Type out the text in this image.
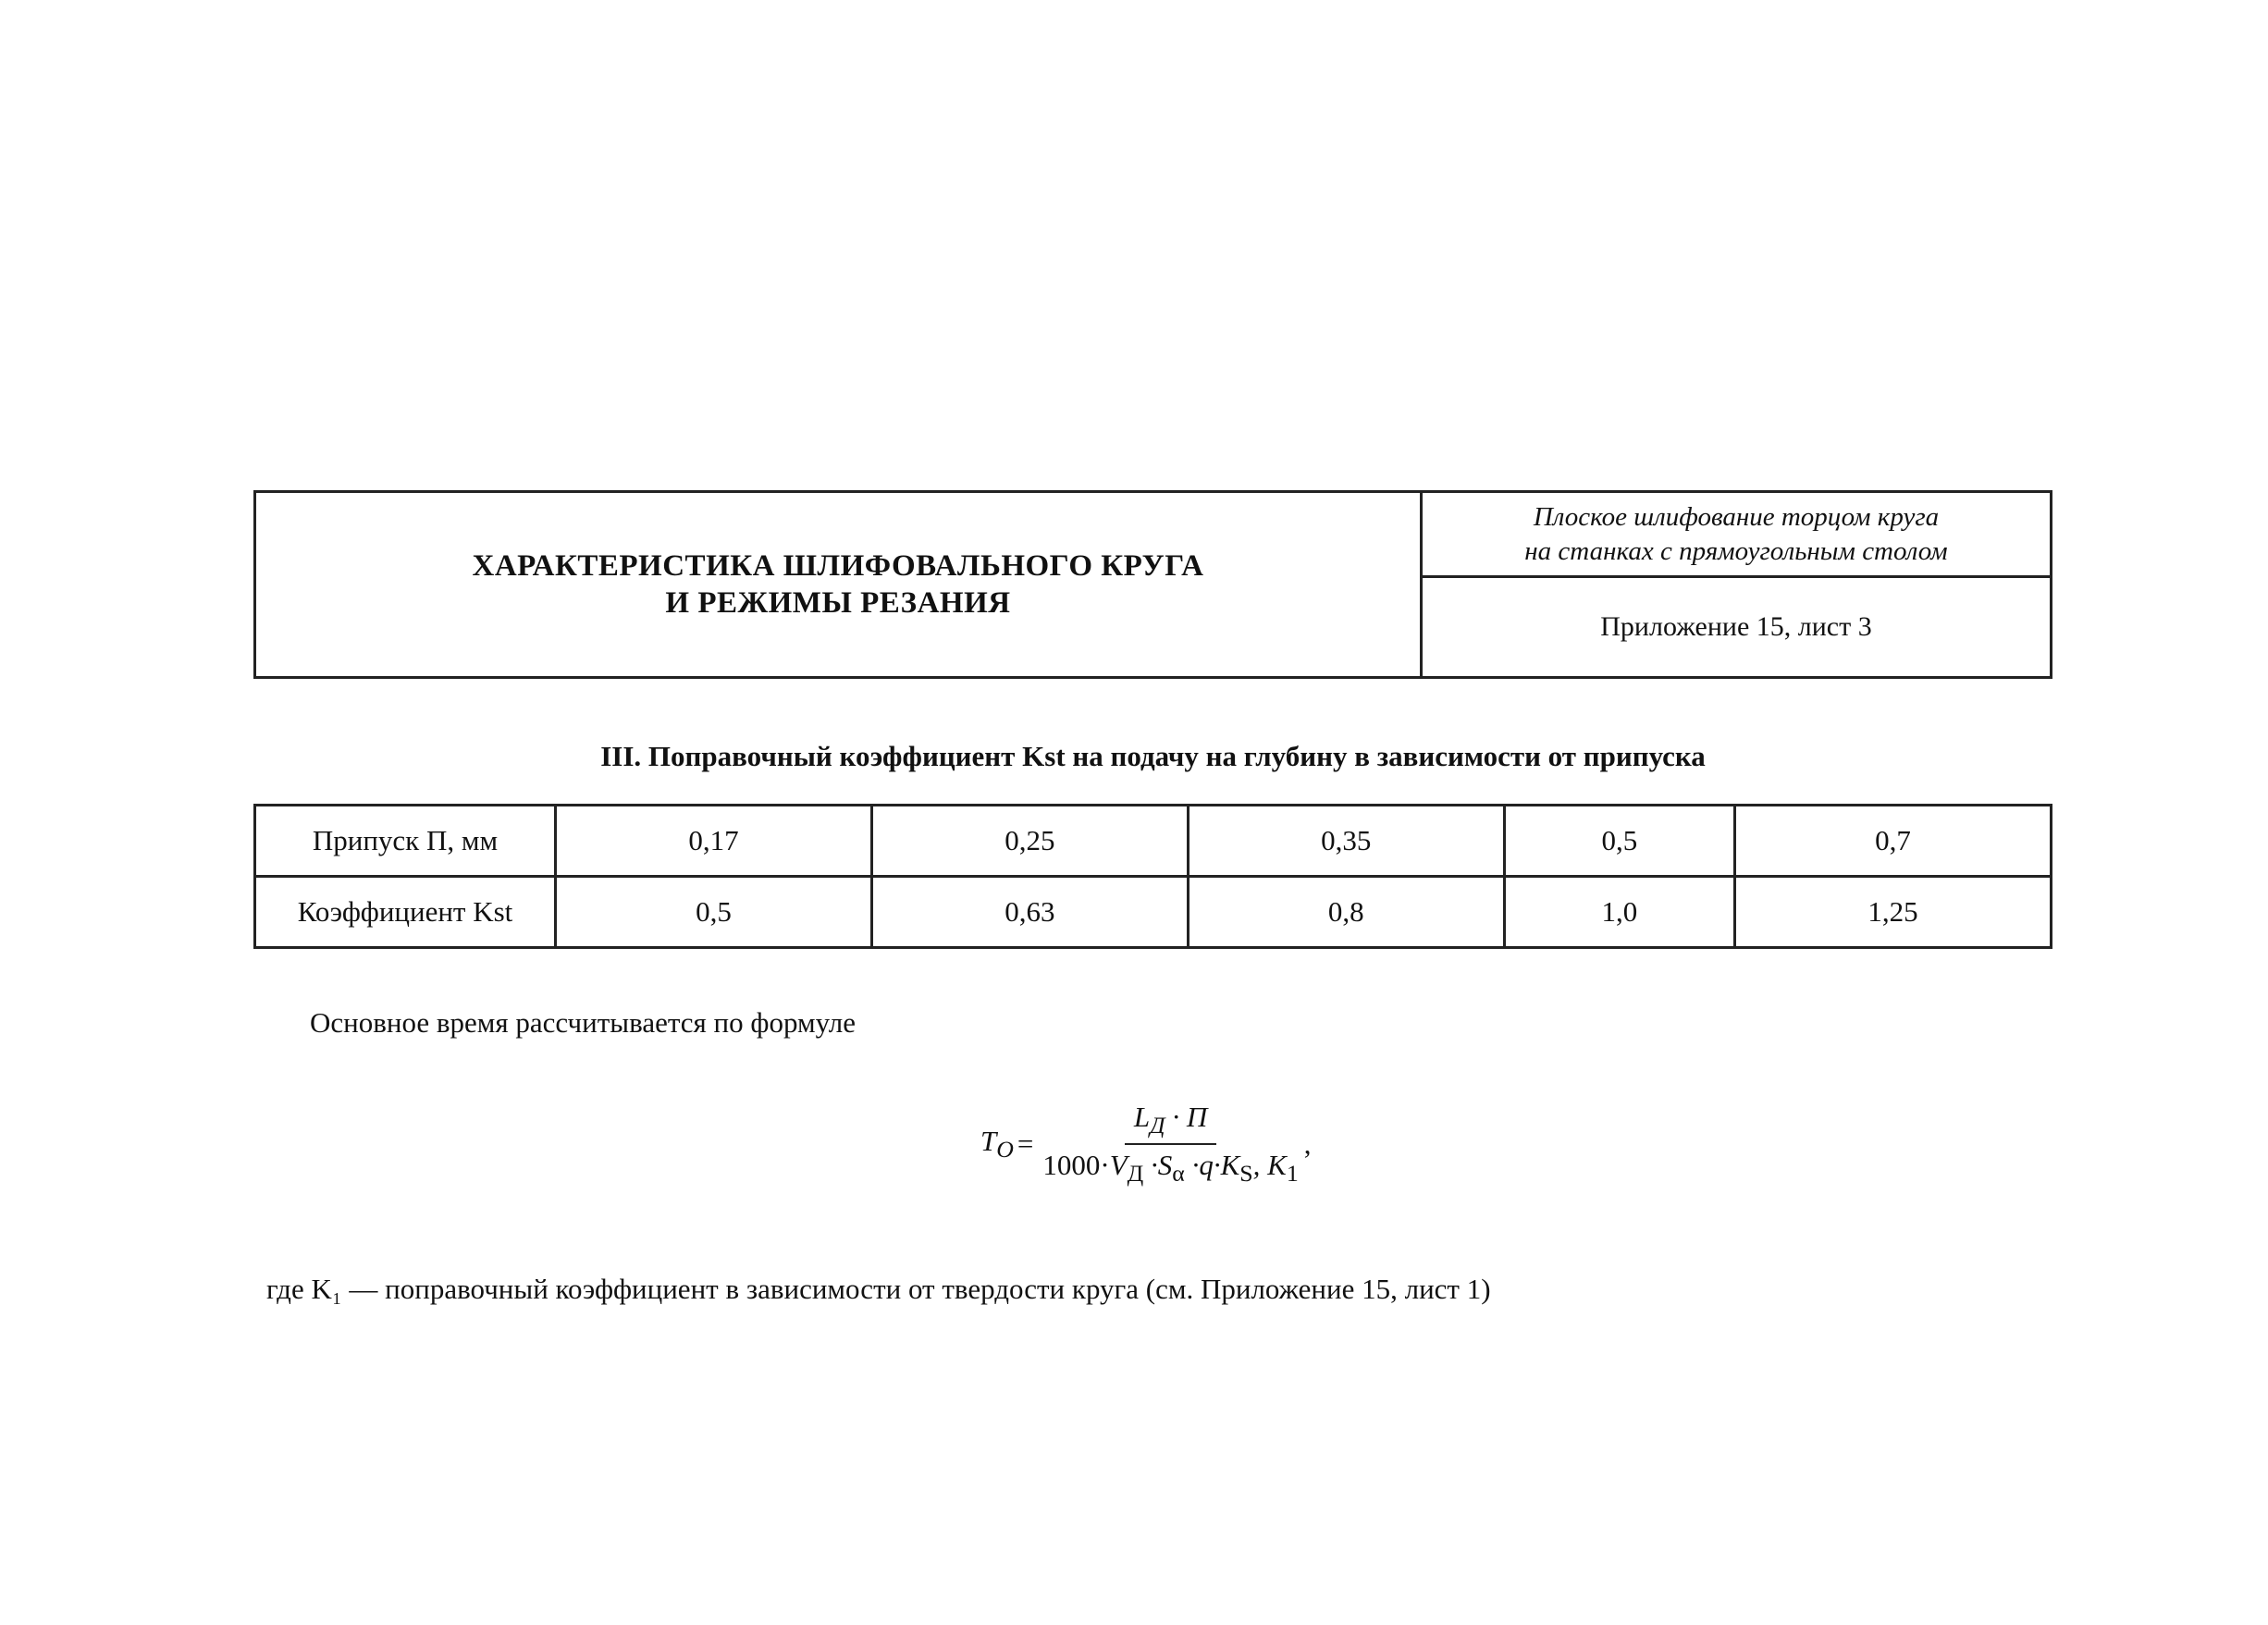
ХАРАКТЕРИСТИКА ШЛИФОВАЛЬНОГО КРУГА
И РЕЖИМЫ РЕЗАНИЯ
Плоское шлифование торцом круга
на станках с прямоугольным столом
Приложение 15, лист 3
III. Поправочный коэффициент Kst на подачу на глубину в зависимости от припуска
Припуск П, мм	0,17	0,25	0,35	0,5	0,7
Коэффициент Kst	0,5	0,63	0,8	1,0	1,25
Основное время рассчитывается по формуле
$T_O = \frac{L_Д \cdot П}{1000\cdot V_Д \cdot S_\alpha \cdot q\cdot K_S, K_1}$ ,
где K₁ — поправочный коэффициент в зависимости от твердости круга (см. Приложение 15, лист 1)
